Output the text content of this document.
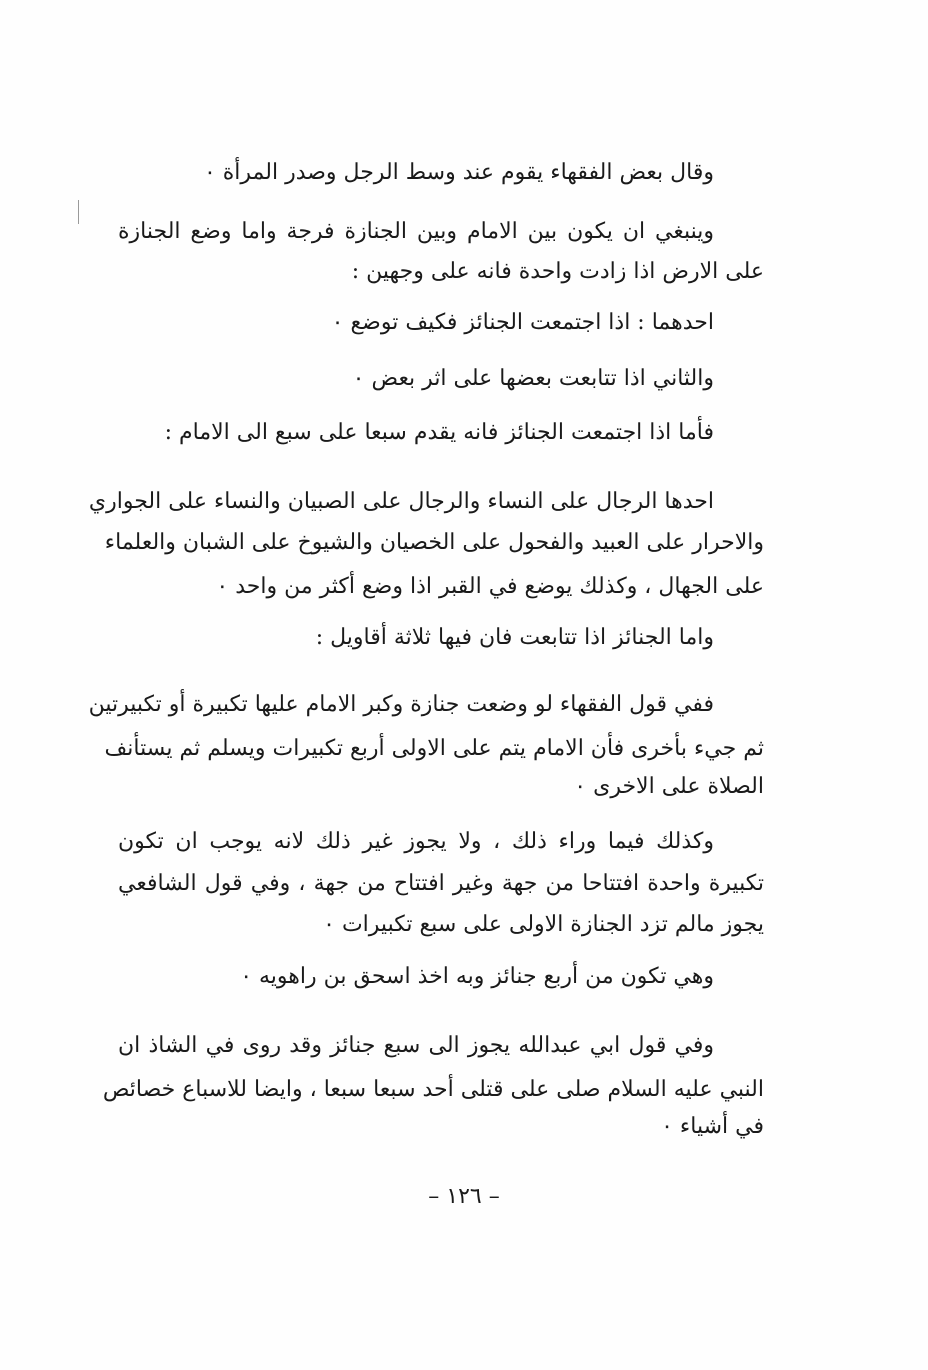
وقال بعض الفقهاء يقوم عند وسط الرجل وصدر المرأة ٠
وينبغي ان يكون بين الامام وبين الجنازة فرجة واما وضع الجنازة
على الارض اذا زادت واحدة فانه على وجهين :
احدهما : اذا اجتمعت الجنائز فكيف توضع ٠
والثاني اذا تتابعت بعضها على اثر بعض ٠
فأما اذا اجتمعت الجنائز فانه يقدم سبعا على سبع الى الامام :
احدها الرجال على النساء والرجال على الصبيان والنساء على الجواري
والاحرار على العبيد والفحول على الخصيان والشيوخ على الشبان والعلماء
على الجهال ، وكذلك يوضع في القبر اذا وضع أكثر من واحد ٠
واما الجنائز اذا تتابعت فان فيها ثلاثة أقاويل :
ففي قول الفقهاء لو وضعت جنازة وكبر الامام عليها تكبيرة أو تكبيرتين
ثم جيء بأخرى فأن الامام يتم على الاولى أربع تكبيرات ويسلم ثم يستأنف
الصلاة على الاخرى ٠
وكذلك فيما وراء ذلك ، ولا يجوز غير ذلك لانه يوجب ان تكون
تكبيرة واحدة افتتاحا من جهة وغير افتتاح من جهة ، وفي قول الشافعي
يجوز مالم تزد الجنازة الاولى على سبع تكبيرات ٠
وهي تكون من أربع جنائز وبه اخذ اسحق بن راهويه ٠
وفي قول ابي عبدالله يجوز الى سبع جنائز وقد روى في الشاذ ان
النبي عليه السلام صلى على قتلى أحد سبعا سبعا ، وايضا للاسباع خصائص
في أشياء ٠
– ١٢٦ –
